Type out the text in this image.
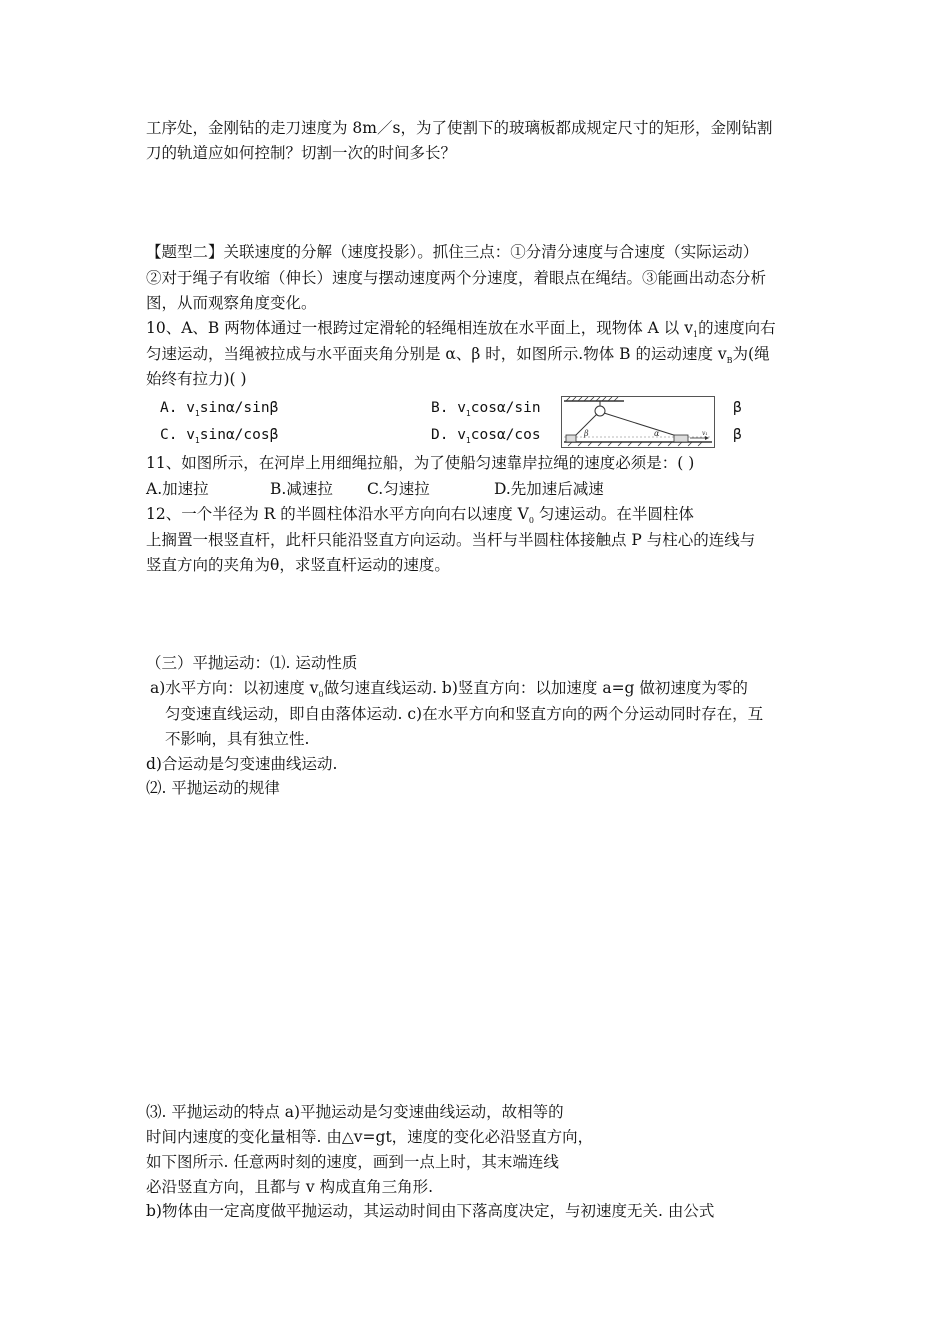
工序处，金刚钻的走刀速度为 8m／s，为了使割下的玻璃板都成规定尺寸的矩形，金刚钻割
刀的轨道应如何控制？切割一次的时间多长？
【题型二】关联速度的分解（速度投影）。抓住三点：①分清分速度与合速度（实际运动）
②对于绳子有收缩（伸长）速度与摆动速度两个分速度，着眼点在绳结。③能画出动态分析
图，从而观察角度变化。
10、A、B 两物体通过一根跨过定滑轮的轻绳相连放在水平面上，现物体 A 以 $v_1$的速度向右
匀速运动，当绳被拉成与水平面夹角分别是 α、β 时，如图所示.物体 B 的运动速度 $v_B$为(绳
始终有拉力)( )
A. $v_1\sin\alpha$/sinβ	B. $v_1\cos\alpha/\sin$	β
C. $v_1\sin\alpha$/cosβ	D. $v_1\cos\alpha/\cos$	β
β	α	v₁
11、如图所示，在河岸上用细绳拉船，为了使船匀速靠岸拉绳的速度必须是：( )
A.加速拉	B.减速拉 C.匀速拉	D.先加速后减速
12、一个半径为 R 的半圆柱体沿水平方向向右以速度 $V_0$ 匀速运动。在半圆柱体
上搁置一根竖直杆，此杆只能沿竖直方向运动。当杆与半圆柱体接触点 P 与柱心的连线与
竖直方向的夹角为θ，求竖直杆运动的速度。
（三）平抛运动：⑴. 运动性质
a)水平方向：以初速度 $v_0$做匀速直线运动. b)竖直方向：以加速度 a=g 做初速度为零的
匀变速直线运动，即自由落体运动. c)在水平方向和竖直方向的两个分运动同时存在，互
不影响，具有独立性.
d)合运动是匀变速曲线运动.
⑵. 平抛运动的规律
⑶. 平抛运动的特点 a)平抛运动是匀变速曲线运动，故相等的
时间内速度的变化量相等. 由△v=gt，速度的变化必沿竖直方向，
如下图所示. 任意两时刻的速度，画到一点上时，其末端连线
必沿竖直方向，且都与 v 构成直角三角形.
b)物体由一定高度做平抛运动，其运动时间由下落高度决定，与初速度无关. 由公式
